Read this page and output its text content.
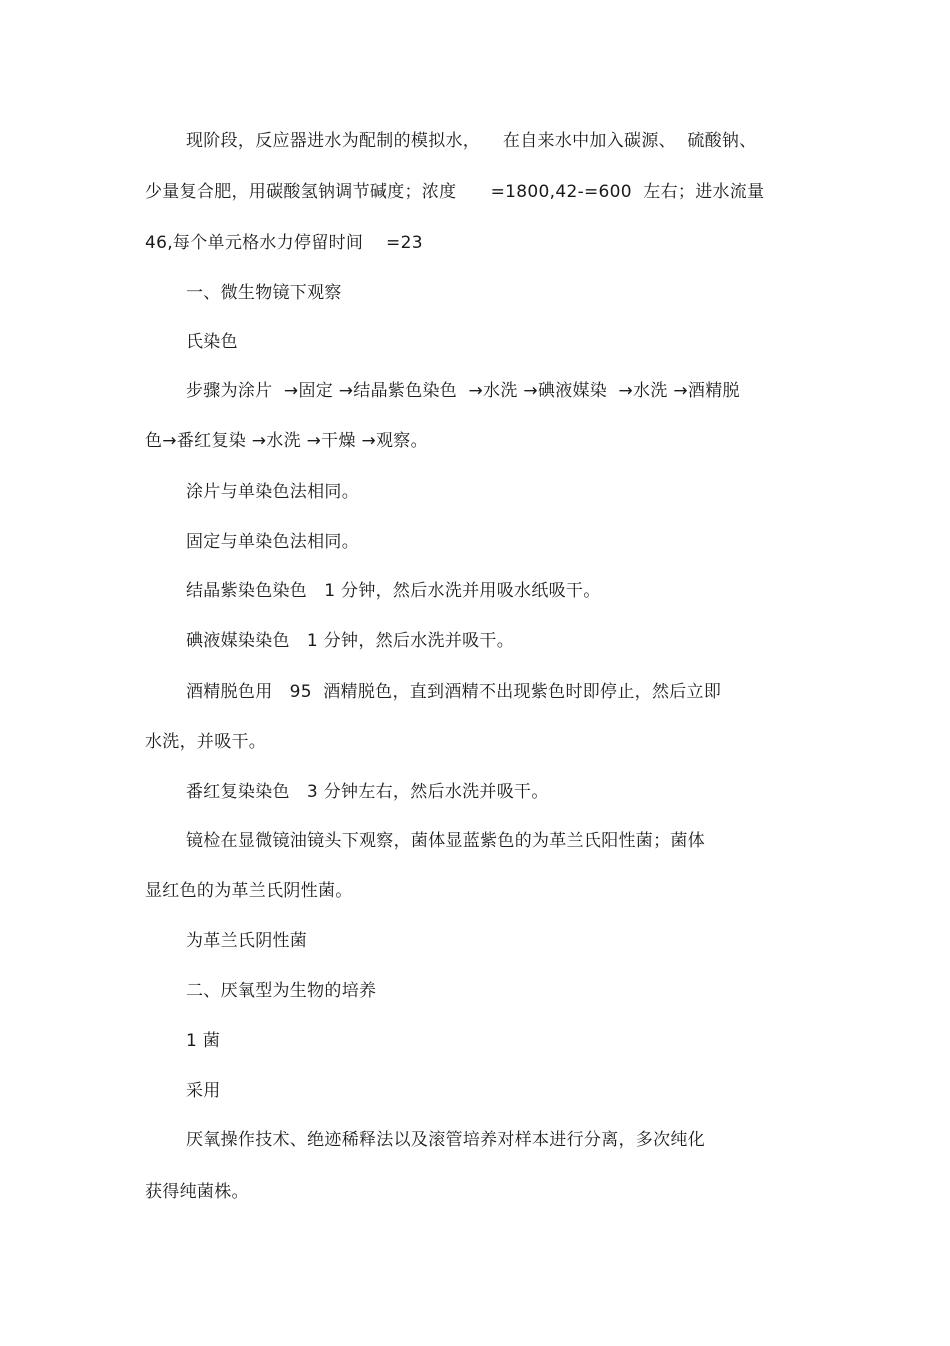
现阶段，反应器进水为配制的模拟水，    在自来水中加入碳源、  硫酸钠、
少量复合肥，用碳酸氢钠调节碱度；浓度      =1800,42-=600  左右；进水流量
46,每个单元格水力停留时间    =23
一、微生物镜下观察
氏染色
步骤为涂片  →固定 →结晶紫色染色  →水洗 →碘液媒染  →水洗 →酒精脱
色→番红复染 →水洗 →干燥 →观察。
涂片与单染色法相同。
固定与单染色法相同。
结晶紫染色染色   1 分钟，然后水洗并用吸水纸吸干。
碘液媒染染色   1 分钟，然后水洗并吸干。
酒精脱色用   95  酒精脱色，直到酒精不出现紫色时即停止，然后立即
水洗，并吸干。
番红复染染色   3 分钟左右，然后水洗并吸干。
镜检在显微镜油镜头下观察，菌体显蓝紫色的为革兰氏阳性菌；菌体
显红色的为革兰氏阴性菌。
为革兰氏阴性菌
二、厌氧型为生物的培养
1 菌
采用
厌氧操作技术、绝迹稀释法以及滚管培养对样本进行分离，多次纯化
获得纯菌株。
